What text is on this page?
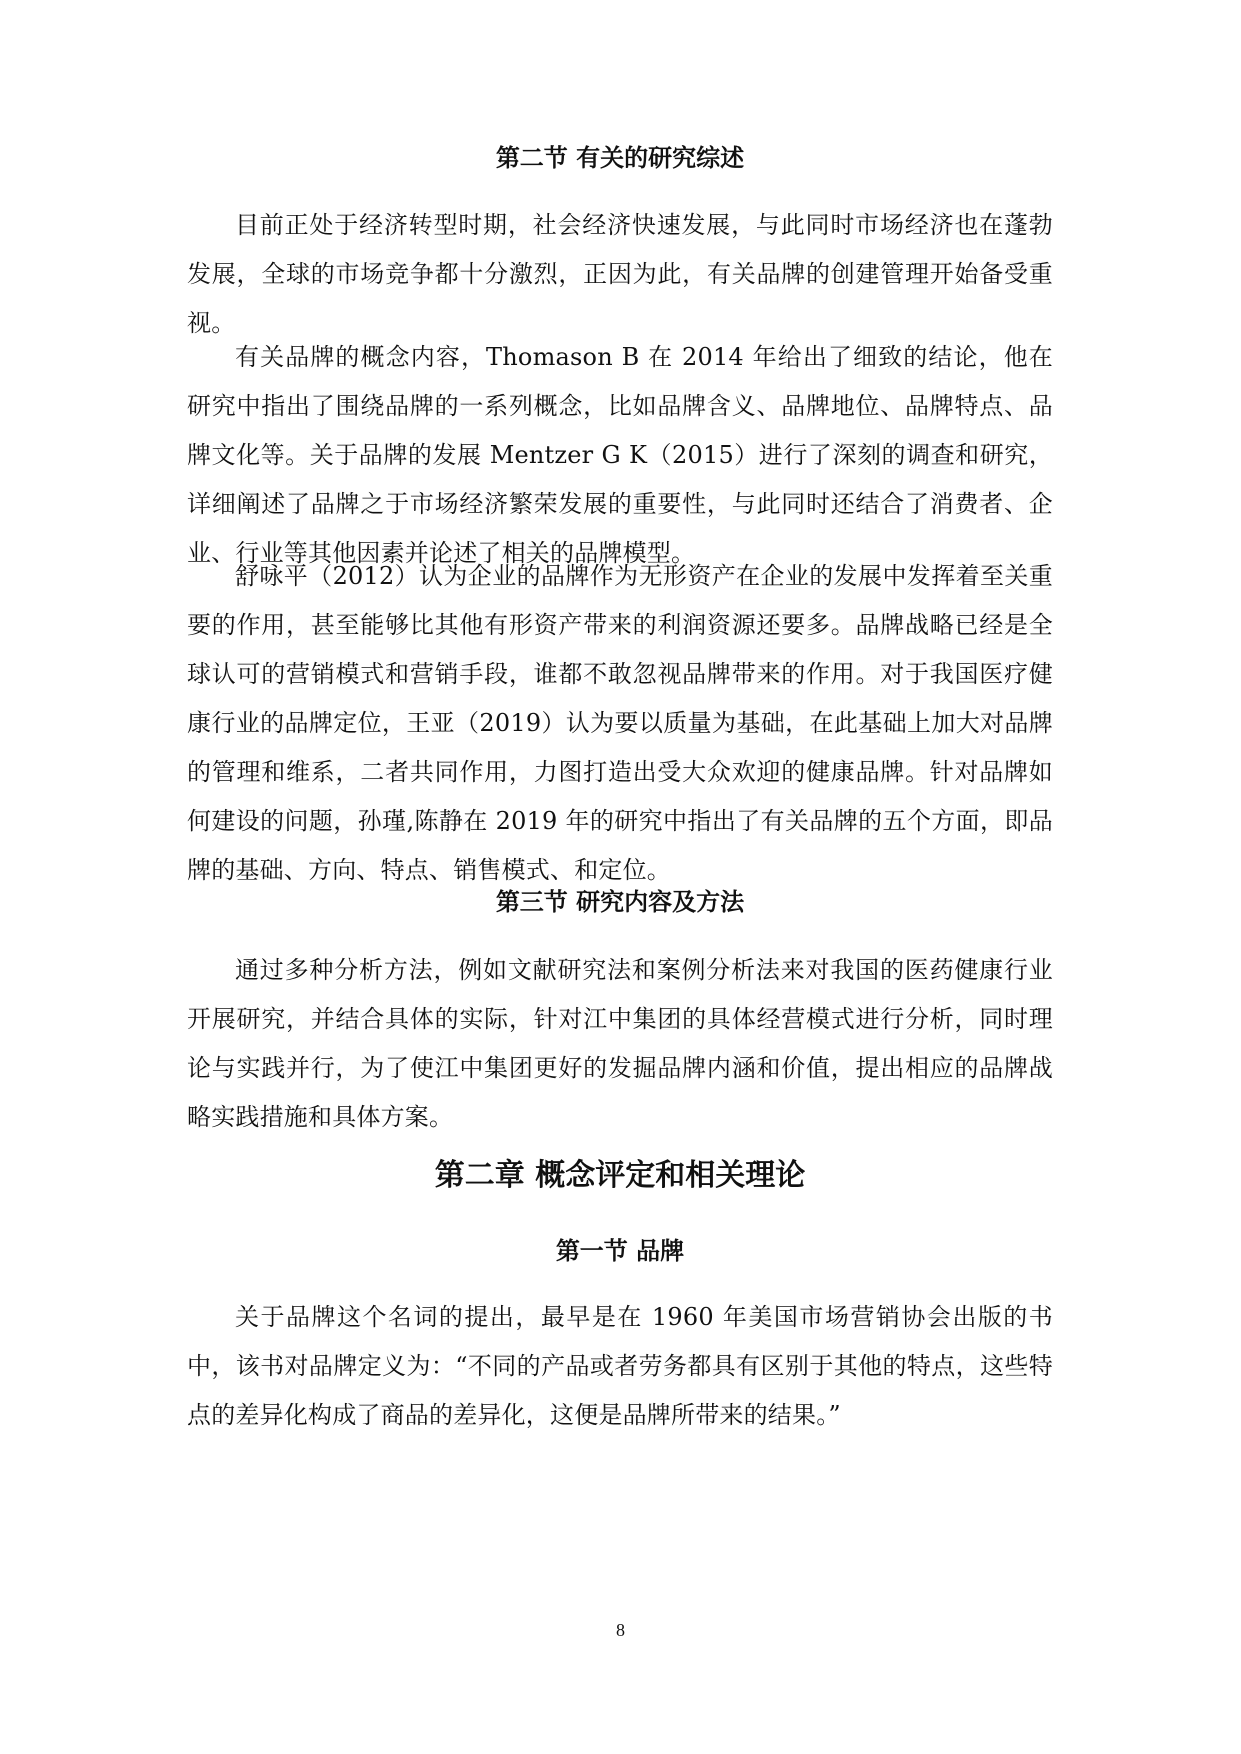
第二节 有关的研究综述

目前正处于经济转型时期，社会经济快速发展，与此同时市场经济也在蓬勃发展，全球的市场竞争都十分激烈，正因为此，有关品牌的创建管理开始备受重视。

有关品牌的概念内容，Thomason B 在 2014 年给出了细致的结论，他在研究中指出了围绕品牌的一系列概念，比如品牌含义、品牌地位、品牌特点、品牌文化等。关于品牌的发展 Mentzer G K（2015）进行了深刻的调查和研究，详细阐述了品牌之于市场经济繁荣发展的重要性，与此同时还结合了消费者、企业、行业等其他因素并论述了相关的品牌模型。

舒咏平（2012）认为企业的品牌作为无形资产在企业的发展中发挥着至关重要的作用，甚至能够比其他有形资产带来的利润资源还要多。品牌战略已经是全球认可的营销模式和营销手段，谁都不敢忽视品牌带来的作用。对于我国医疗健康行业的品牌定位，王亚（2019）认为要以质量为基础，在此基础上加大对品牌的管理和维系，二者共同作用，力图打造出受大众欢迎的健康品牌。针对品牌如何建设的问题，孙瑾,陈静在 2019 年的研究中指出了有关品牌的五个方面，即品牌的基础、方向、特点、销售模式、和定位。

第三节 研究内容及方法

通过多种分析方法，例如文献研究法和案例分析法来对我国的医药健康行业开展研究，并结合具体的实际，针对江中集团的具体经营模式进行分析，同时理论与实践并行，为了使江中集团更好的发掘品牌内涵和价值，提出相应的品牌战略实践措施和具体方案。

第二章 概念评定和相关理论
第一节 品牌

关于品牌这个名词的提出，最早是在 1960 年美国市场营销协会出版的书中，该书对品牌定义为：“不同的产品或者劳务都具有区别于其他的特点，这些特点的差异化构成了商品的差异化，这便是品牌所带来的结果。”

8
